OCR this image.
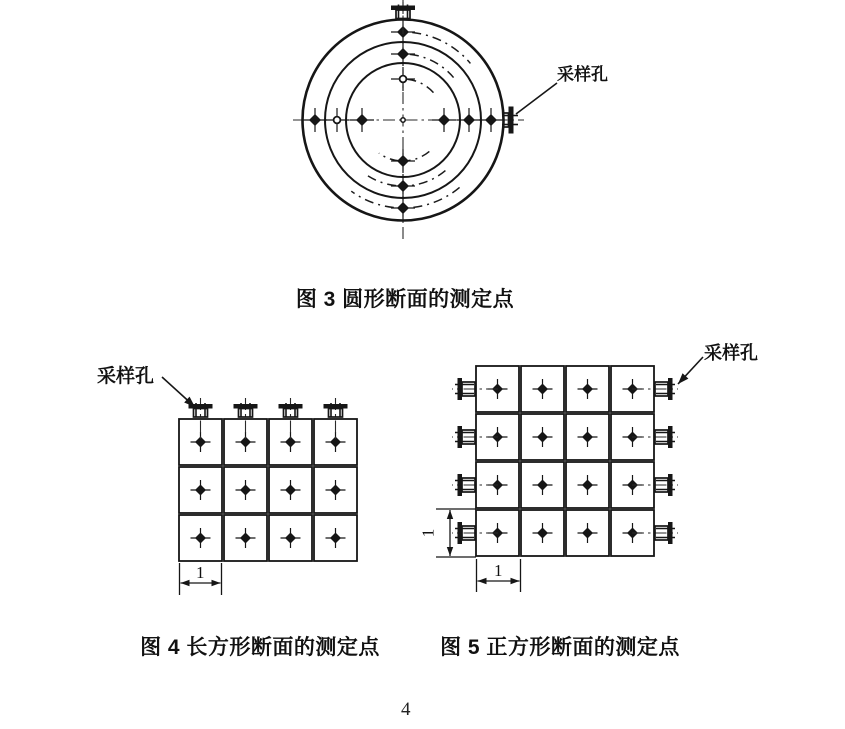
采样孔
图 3 圆形断面的测定点
采样孔
1
图 4 长方形断面的测定点
采样孔
1
1
图 5 正方形断面的测定点
4
